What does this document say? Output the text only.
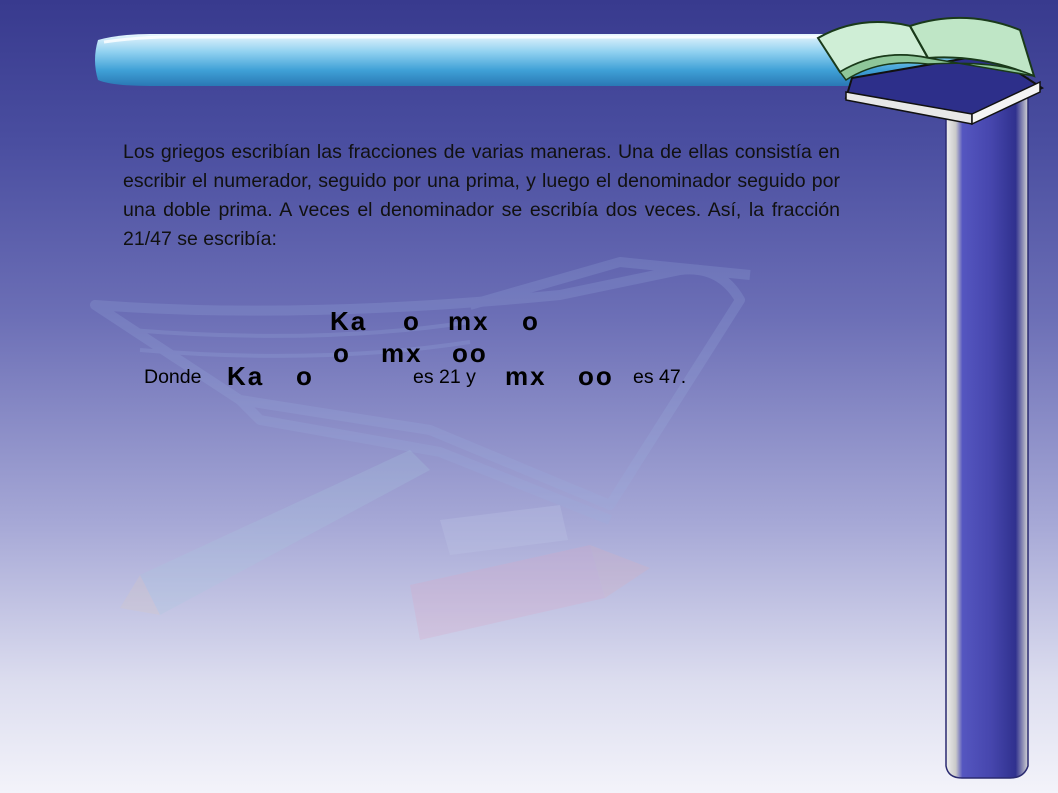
Los griegos escribían las fracciones de varias maneras. Una de ellas consistía en escribir el numerador, seguido por una prima, y luego el denominador seguido por una doble prima. A veces el denominador se escribía dos veces. Así, la fracción 21/47 se escribía:

Ka o mx o
o mx oo
Donde Ka o	es 21 y mx oo es 47.
